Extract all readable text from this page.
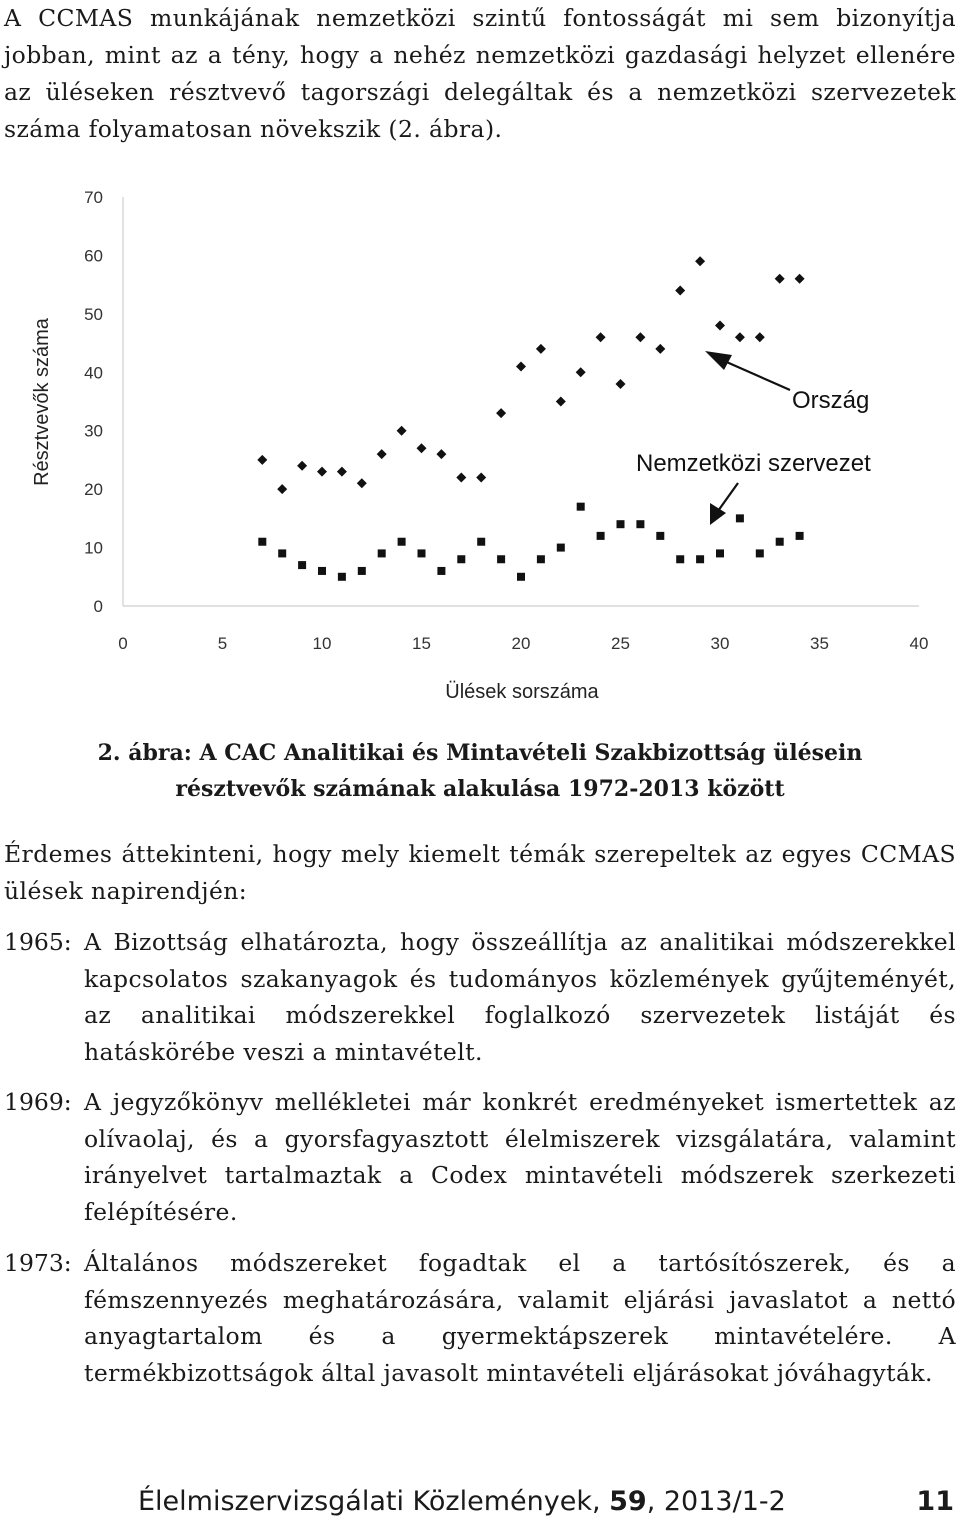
A CCMAS munkájának nemzetközi szintű fontosságát mi sem bizonyítja jobban, mint az a tény, hogy a nehéz nemzetközi gazdasági helyzet ellenére az üléseken résztvevő tagországi delegáltak és a nemzetközi szervezetek száma folyamatosan növekszik (2. ábra).
0
10
20
30
40
50
60
70
0	5	10	15	20	25	30	35	40
Ülések sorszáma
Résztvevők száma	Ország
Nemzetközi szervezet
2. ábra: A CAC Analitikai és Mintavételi Szakbizottság ülésein
résztvevők számának alakulása 1972-2013 között
Érdemes áttekinteni, hogy mely kiemelt témák szerepeltek az egyes CCMAS ülések napirendjén:
1965: A Bizottság elhatározta, hogy összeállítja az analitikai módszerekkel kapcsolatos szakanyagok és tudományos közlemények gyűjteményét, az analitikai módszerekkel foglalkozó szervezetek listáját és hatáskörébe veszi a mintavételt.
1969: A jegyzőkönyv mellékletei már konkrét eredményeket ismertettek az olívaolaj, és a gyorsfagyasztott élelmiszerek vizsgálatára, valamint irányelvet tartalmaztak a Codex mintavételi módszerek szerkezeti felépítésére.
1973: Általános módszereket fogadtak el a tartósítószerek, és a fémszennyezés meghatározására, valamit eljárási javaslatot a nettó anyagtartalom és a gyermektápszerek mintavételére. A termékbizottságok által javasolt mintavételi eljárásokat jóváhagyták.
Élelmiszervizsgálati Közlemények, 59, 2013/1-2	11
